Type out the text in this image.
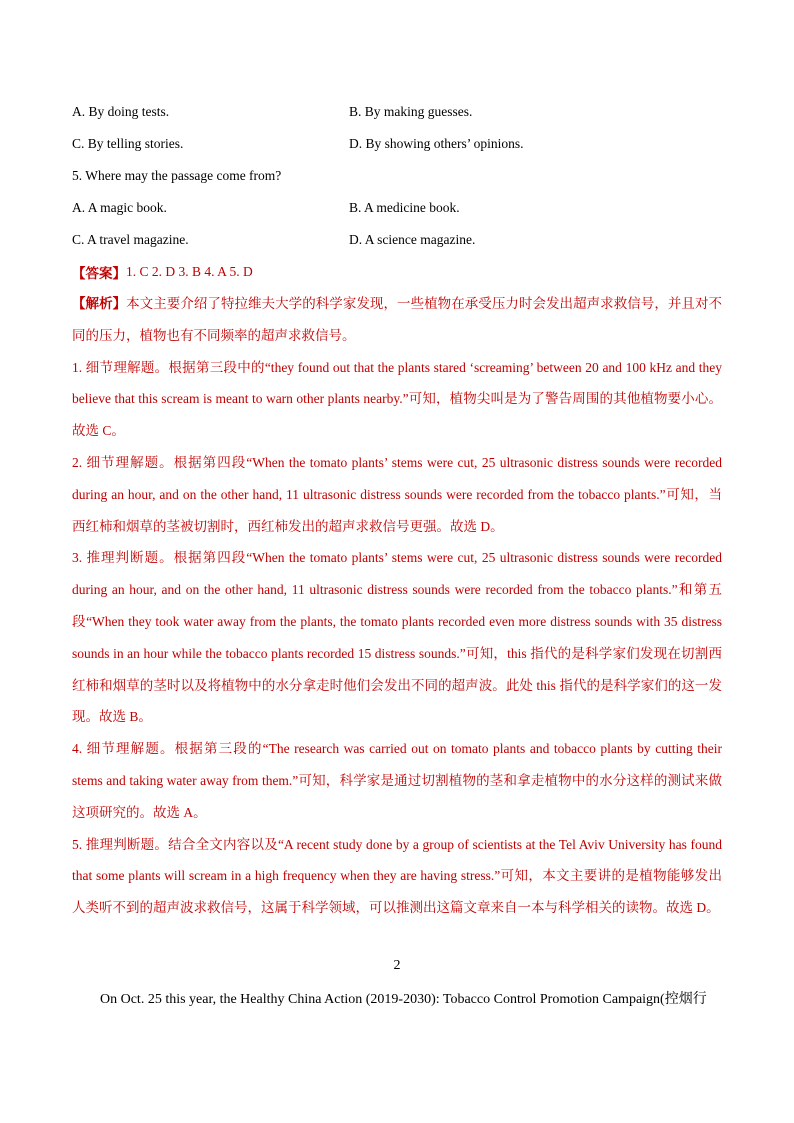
A. By doing tests.	B. By making guesses.
C. By telling stories.	D. By showing others’ opinions.
5. Where may the passage come from?
A. A magic book.	B. A medicine book.
C. A travel magazine.	D. A science magazine.
【答案】 1. C 2. D 3. B 4. A 5. D

【解析】本文主要介绍了特拉维夫大学的科学家发现，一些植物在承受压力时会发出超声求救信号，并且对不同的压力，植物也有不同频率的超声求救信号。

1. 细节理解题。根据第三段中的“they found out that the plants stared ‘screaming’ between 20 and 100 kHz and they believe that this scream is meant to warn other plants nearby.”可知，植物尖叫是为了警告周围的其他植物要小心。故选 C。

2. 细节理解题。根据第四段“When the tomato plants’ stems were cut, 25 ultrasonic distress sounds were recorded during an hour, and on the other hand, 11 ultrasonic distress sounds were recorded from the tobacco plants.”可知，当西红柿和烟草的茎被切割时，西红柿发出的超声求救信号更强。故选 D。

3. 推理判断题。根据第四段“When the tomato plants’ stems were cut, 25 ultrasonic distress sounds were recorded during an hour, and on the other hand, 11 ultrasonic distress sounds were recorded from the tobacco plants.”和第五段“When they took water away from the plants, the tomato plants recorded even more distress sounds with 35 distress sounds in an hour while the tobacco plants recorded 15 distress sounds.”可知，this 指代的是科学家们发现在切割西红柿和烟草的茎时以及将植物中的水分拿走时他们会发出不同的超声波。此处 this 指代的是科学家们的这一发现。故选 B。

4. 细节理解题。根据第三段的“The research was carried out on tomato plants and tobacco plants by cutting their stems and taking water away from them.”可知，科学家是通过切割植物的茎和拿走植物中的水分这样的测试来做这项研究的。故选 A。

5. 推理判断题。结合全文内容以及“A recent study done by a group of scientists at the Tel Aviv University has found that some plants will scream in a high frequency when they are having stress.”可知，本文主要讲的是植物能够发出人类听不到的超声波求救信号，这属于科学领域，可以推测出这篇文章来自一本与科学相关的读物。故选 D。

2
On Oct. 25 this year, the Healthy China Action (2019-2030): Tobacco Control Promotion Campaign(控烟行
